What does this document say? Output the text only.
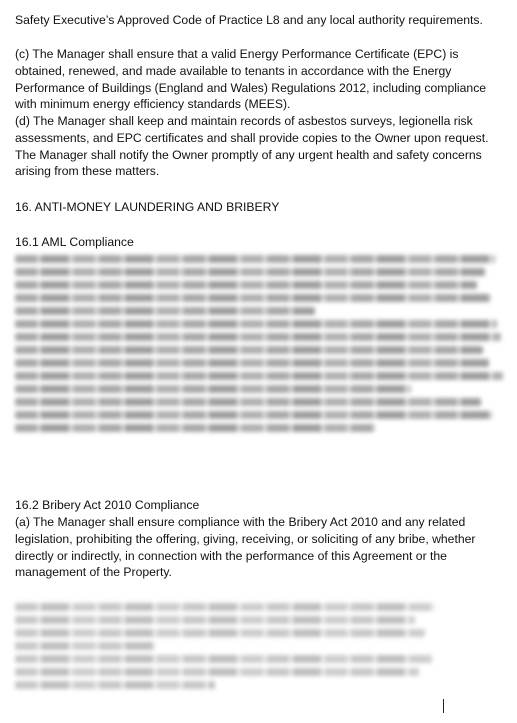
Safety Executive’s Approved Code of Practice L8 and any local authority requirements.

(c) The Manager shall ensure that a valid Energy Performance Certificate (EPC) is obtained, renewed, and made available to tenants in accordance with the Energy Performance of Buildings (England and Wales) Regulations 2012, including compliance with minimum energy efficiency standards (MEES).

(d) The Manager shall keep and maintain records of asbestos surveys, legionella risk assessments, and EPC certificates and shall provide copies to the Owner upon request. The Manager shall notify the Owner promptly of any urgent health and safety concerns arising from these matters.

16. ANTI-MONEY LAUNDERING AND BRIBERY

16.1 AML Compliance

16.2 Bribery Act 2010 Compliance

(a) The Manager shall ensure compliance with the Bribery Act 2010 and any related legislation, prohibiting the offering, giving, receiving, or soliciting of any bribe, whether directly or indirectly, in connection with the performance of this Agreement or the management of the Property.
